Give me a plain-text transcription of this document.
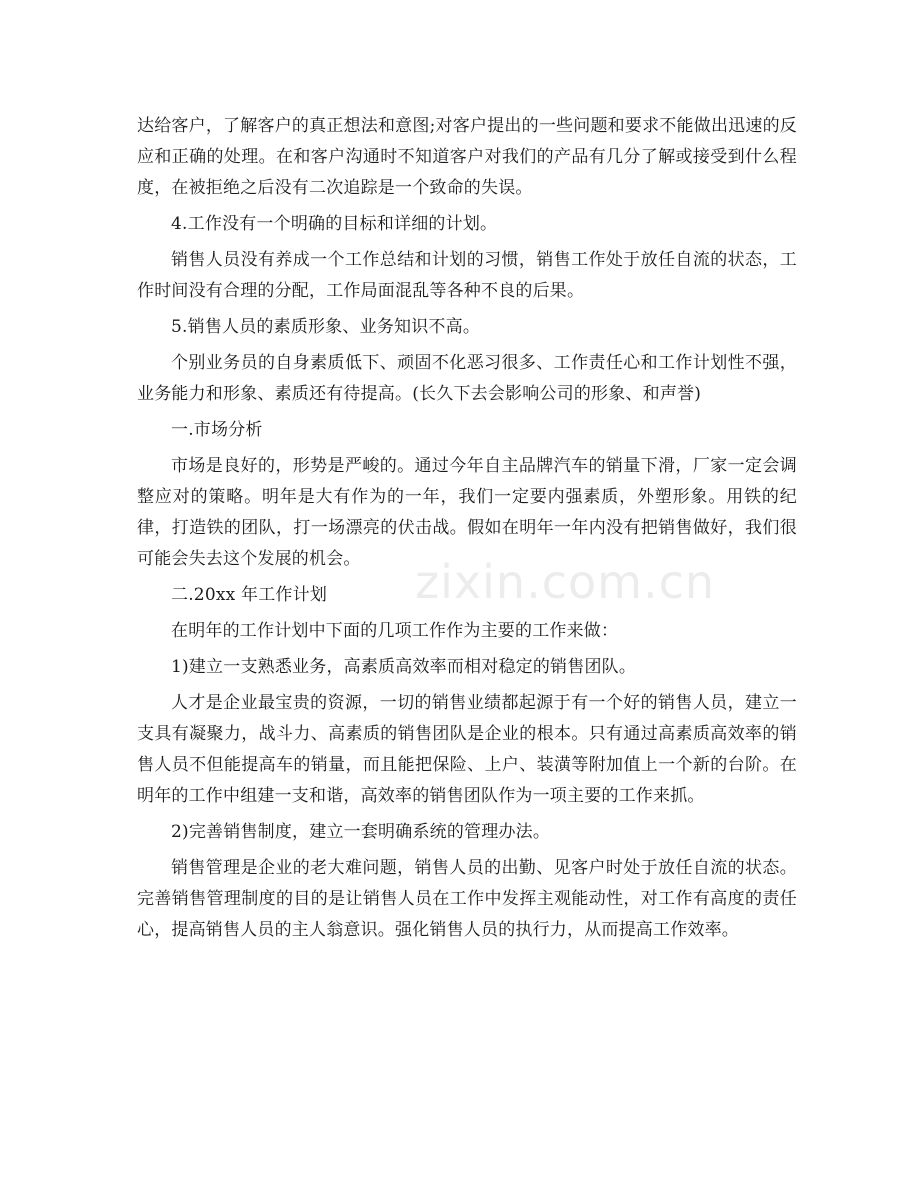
达给客户，了解客户的真正想法和意图;对客户提出的一些问题和要求不能做出迅速的反应和正确的处理。在和客户沟通时不知道客户对我们的产品有几分了解或接受到什么程度，在被拒绝之后没有二次追踪是一个致命的失误。

4.工作没有一个明确的目标和详细的计划。

销售人员没有养成一个工作总结和计划的习惯，销售工作处于放任自流的状态，工作时间没有合理的分配，工作局面混乱等各种不良的后果。

5.销售人员的素质形象、业务知识不高。

个别业务员的自身素质低下、顽固不化恶习很多、工作责任心和工作计划性不强，业务能力和形象、素质还有待提高。(长久下去会影响公司的形象、和声誉)

一.市场分析

市场是良好的，形势是严峻的。通过今年自主品牌汽车的销量下滑，厂家一定会调整应对的策略。明年是大有作为的一年，我们一定要内强素质，外塑形象。用铁的纪律，打造铁的团队，打一场漂亮的伏击战。假如在明年一年内没有把销售做好，我们很可能会失去这个发展的机会。

二.20xx 年工作计划

在明年的工作计划中下面的几项工作作为主要的工作来做：

1)建立一支熟悉业务，高素质高效率而相对稳定的销售团队。

人才是企业最宝贵的资源，一切的销售业绩都起源于有一个好的销售人员，建立一支具有凝聚力，战斗力、高素质的销售团队是企业的根本。只有通过高素质高效率的销售人员不但能提高车的销量，而且能把保险、上户、装潢等附加值上一个新的台阶。在明年的工作中组建一支和谐，高效率的销售团队作为一项主要的工作来抓。

2)完善销售制度，建立一套明确系统的管理办法。

销售管理是企业的老大难问题，销售人员的出勤、见客户时处于放任自流的状态。完善销售管理制度的目的是让销售人员在工作中发挥主观能动性，对工作有高度的责任心，提高销售人员的主人翁意识。强化销售人员的执行力，从而提高工作效率。

zixin.com.cn
